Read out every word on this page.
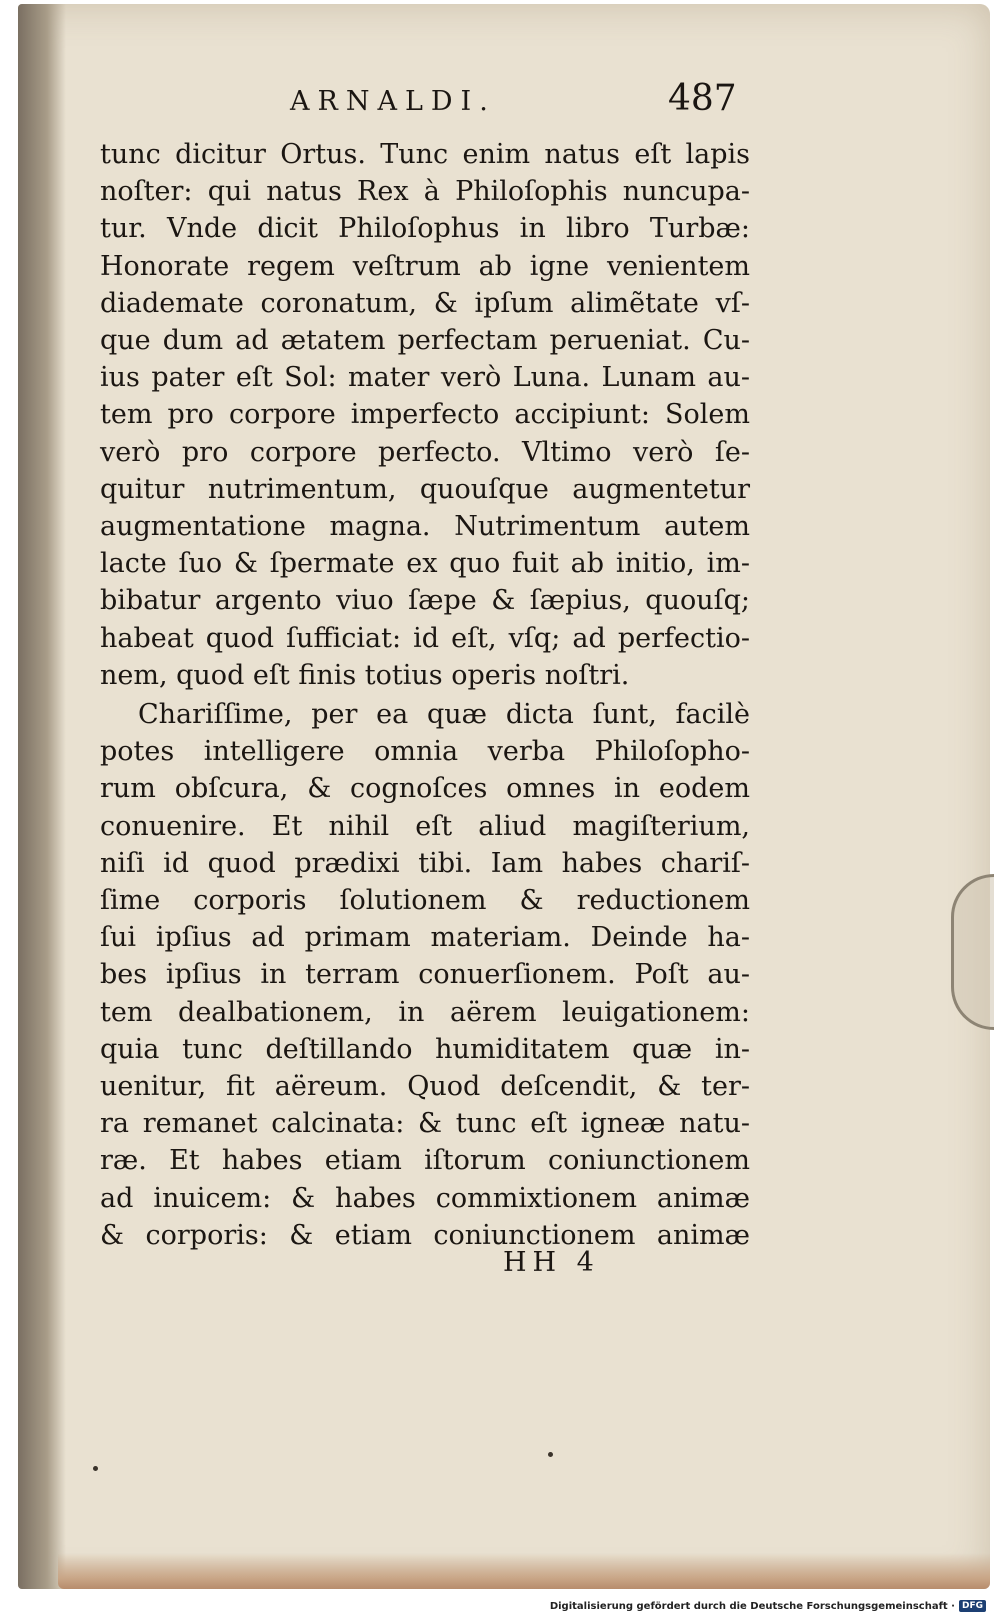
ARNALDI.	487
tunc dicitur Ortus. Tunc enim natus eſt lapis
noſter: qui natus Rex à Philoſophis nuncupa-
tur. Vnde dicit Philoſophus in libro Turbæ:
Honorate regem veſtrum ab igne venientem
diademate coronatum, & ipſum alimẽtate vſ-
que dum ad ætatem perfectam perueniat. Cu-
ius pater eſt Sol: mater verò Luna. Lunam au-
tem pro corpore imperfecto accipiunt: Solem
verò pro corpore perfecto. Vltimo verò ſe-
quitur nutrimentum, quouſque augmentetur
augmentatione magna. Nutrimentum autem
lacte ſuo & ſpermate ex quo fuit ab initio, im-
bibatur argento viuo ſæpe & ſæpius, quouſq;
habeat quod ſufficiat: id eſt, vſq; ad perfectio-
nem, quod eſt finis totius operis noſtri.
Chariſſime, per ea quæ dicta ſunt, facilè
potes intelligere omnia verba Philoſopho-
rum obſcura, & cognoſces omnes in eodem
conuenire. Et nihil eſt aliud magiſterium,
niſi id quod prædixi tibi. Iam habes chariſ-
ſime corporis ſolutionem & reductionem
ſui ipſius ad primam materiam. Deinde ha-
bes ipſius in terram conuerſionem. Poſt au-
tem dealbationem, in aërem leuigationem:
quia tunc deſtillando humiditatem quæ in-
uenitur, fit aëreum. Quod deſcendit, & ter-
ra remanet calcinata: & tunc eſt igneæ natu-
ræ. Et habes etiam iſtorum coniunctionem
ad inuicem: & habes commixtionem animæ
& corporis: & etiam coniunctionem animæ
HH 4
Digitalisierung gefördert durch die Deutsche Forschungsgemeinschaft · DFG
